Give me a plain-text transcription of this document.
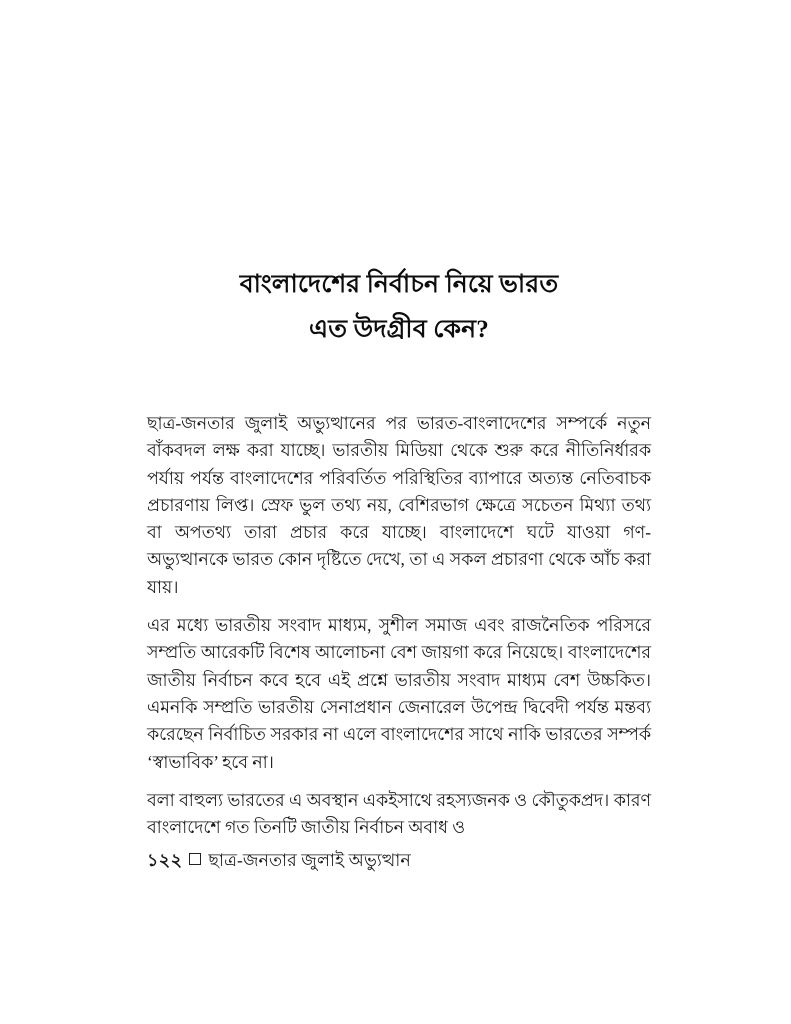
বাংলাদেশের নির্বাচন নিয়ে ভারত
এত উদগ্রীব কেন?

ছাত্র-জনতার জুলাই অভ্যুত্থানের পর ভারত-বাংলাদেশের সম্পর্কে নতুন বাঁকবদল লক্ষ করা যাচ্ছে। ভারতীয় মিডিয়া থেকে শুরু করে নীতিনির্ধারক পর্যায় পর্যন্ত বাংলাদেশের পরিবর্তিত পরিস্থিতির ব্যাপারে অত্যন্ত নেতিবাচক প্রচারণায় লিপ্ত। স্রেফ ভুল তথ্য নয়, বেশিরভাগ ক্ষেত্রে সচেতন মিথ্যা তথ্য বা অপতথ্য তারা প্রচার করে যাচ্ছে। বাংলাদেশে ঘটে যাওয়া গণ-অভ্যুত্থানকে ভারত কোন দৃষ্টিতে দেখে, তা এ সকল প্রচারণা থেকে আঁচ করা যায়।

এর মধ্যে ভারতীয় সংবাদ মাধ্যম, সুশীল সমাজ এবং রাজনৈতিক পরিসরে সম্প্রতি আরেকটি বিশেষ আলোচনা বেশ জায়গা করে নিয়েছে। বাংলাদেশের জাতীয় নির্বাচন কবে হবে এই প্রশ্নে ভারতীয় সংবাদ মাধ্যম বেশ উচ্চকিত। এমনকি সম্প্রতি ভারতীয় সেনাপ্রধান জেনারেল উপেন্দ্র দ্বিবেদী পর্যন্ত মন্তব্য করেছেন নির্বাচিত সরকার না এলে বাংলাদেশের সাথে নাকি ভারতের সম্পর্ক ‘স্বাভাবিক’ হবে না।

বলা বাহুল্য ভারতের এ অবস্থান একইসাথে রহস্যজনক ও কৌতুকপ্রদ। কারণ বাংলাদেশে গত তিনটি জাতীয় নির্বাচন অবাধ ও

১২২ ছাত্র-জনতার জুলাই অভ্যুত্থান
